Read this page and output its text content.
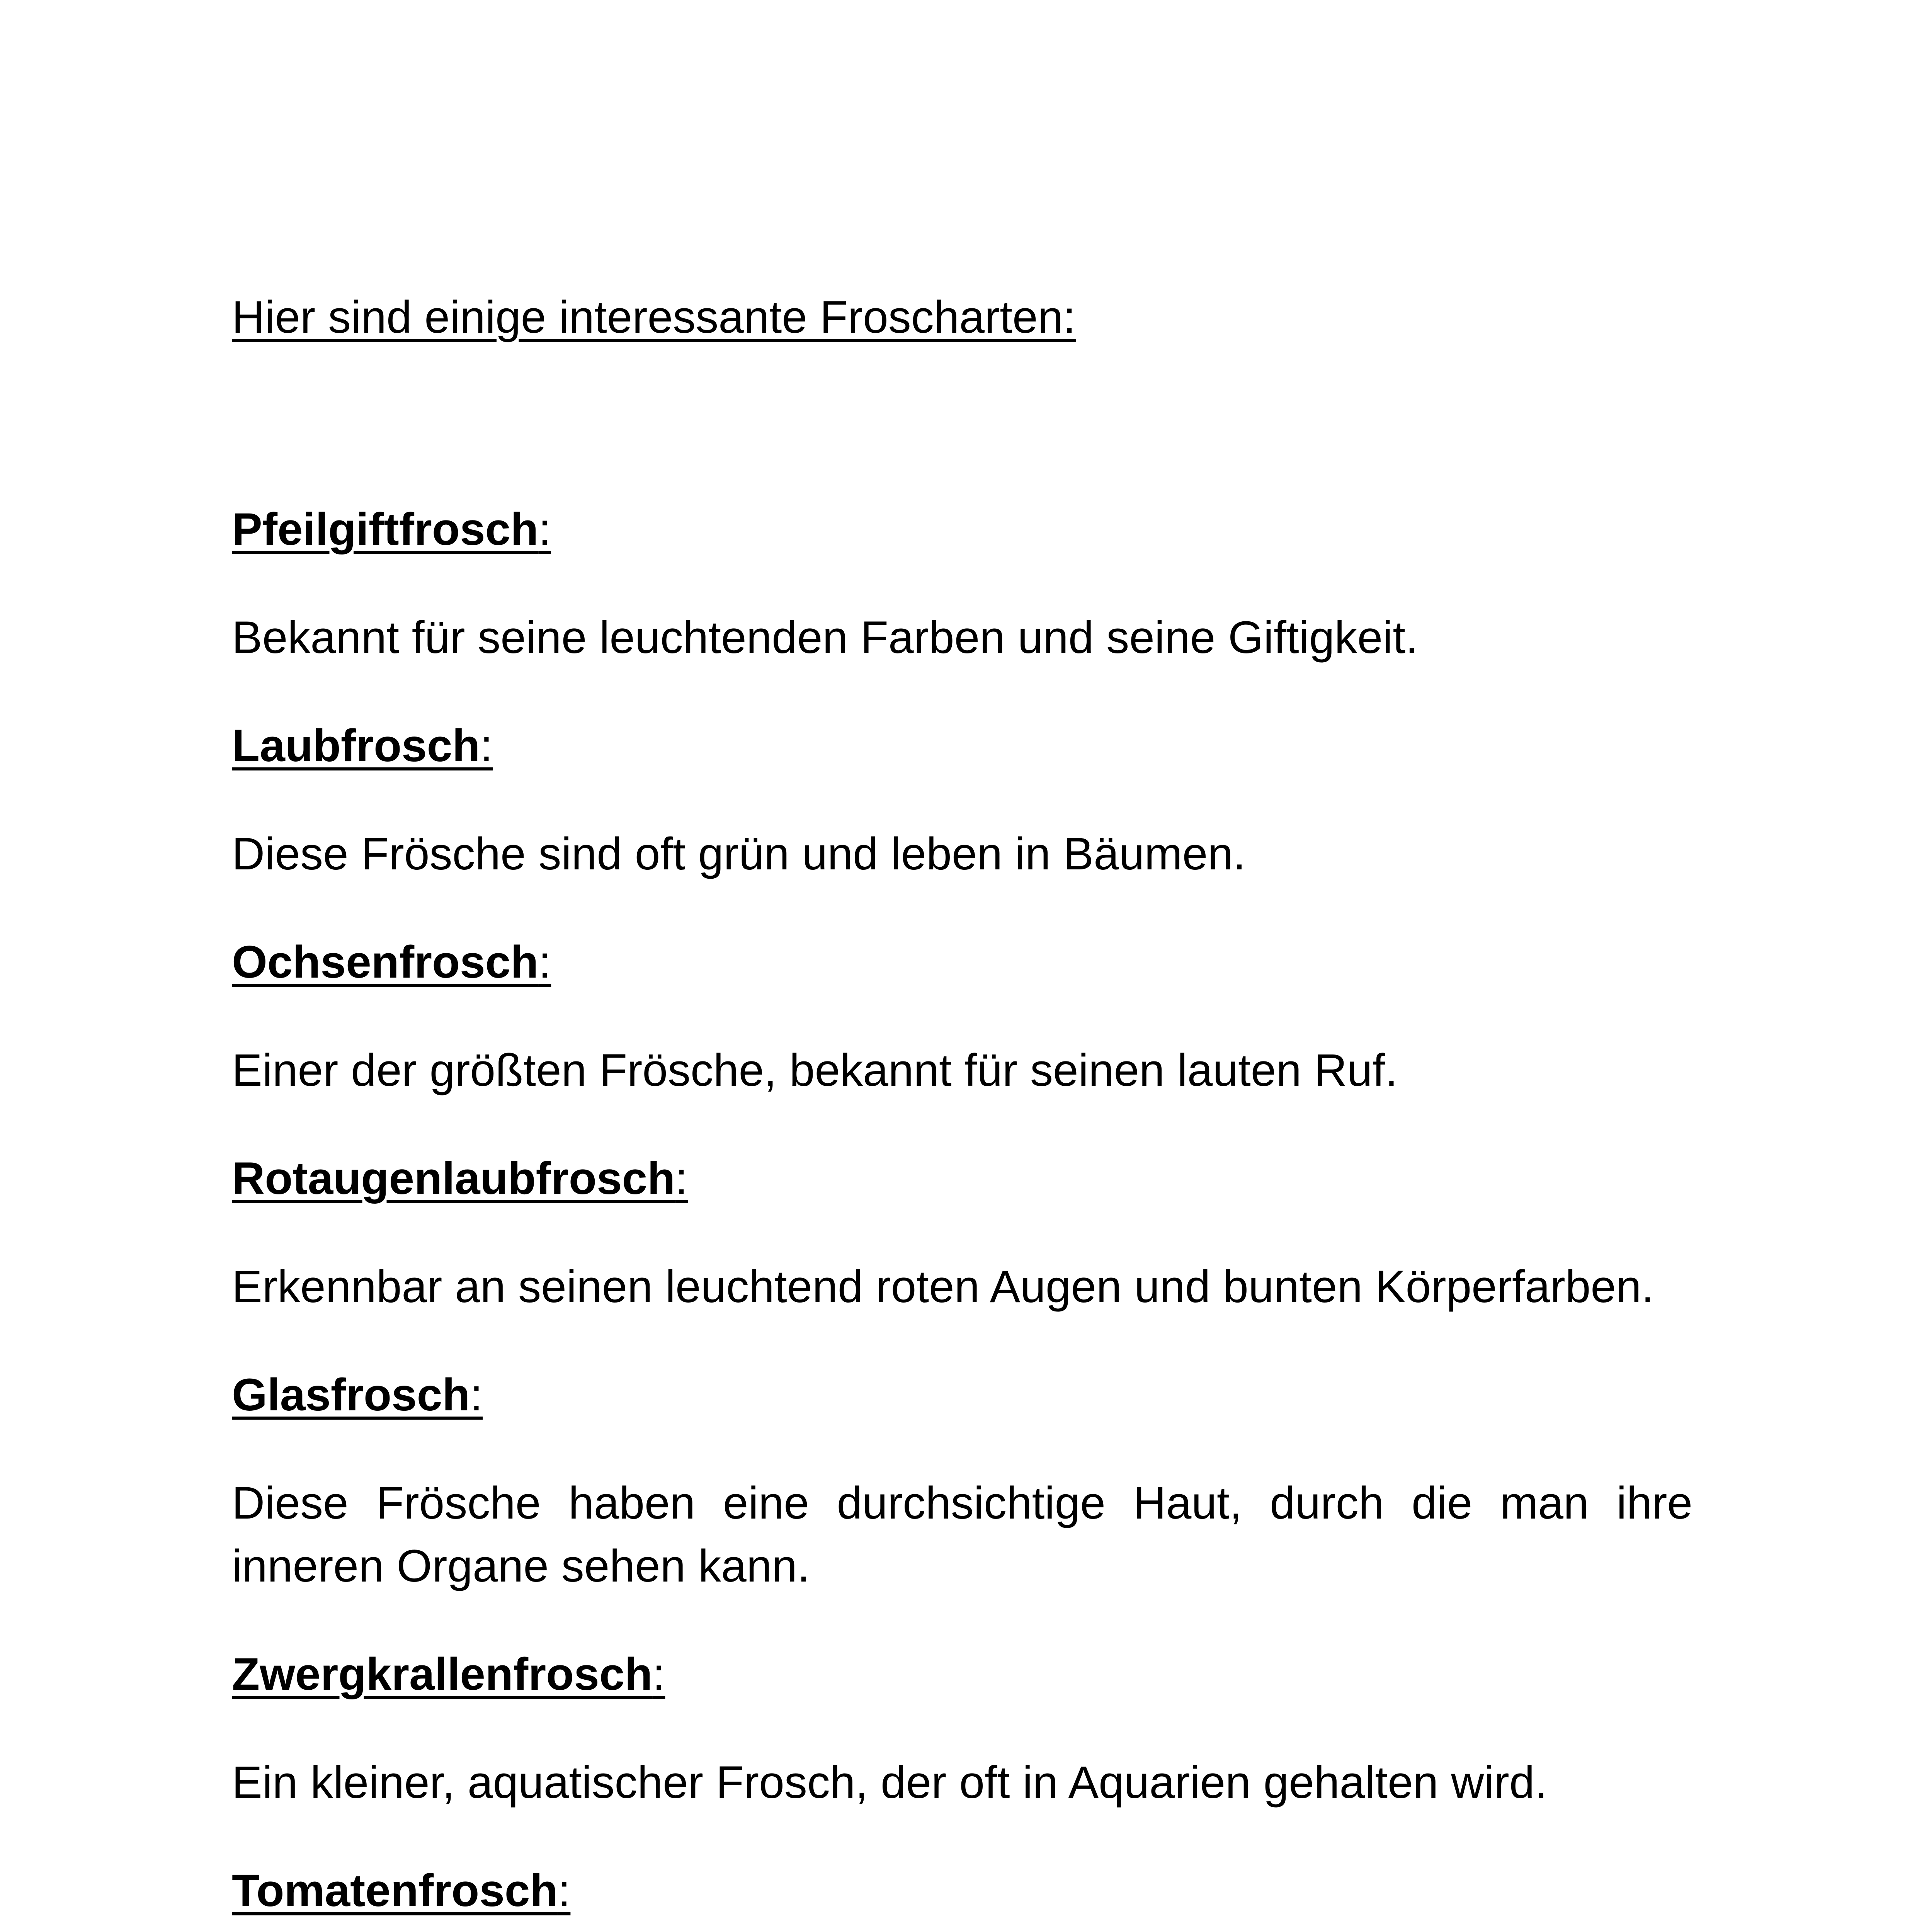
Hier sind einige interessante Froscharten:

Pfeilgiftfrosch:

Bekannt für seine leuchtenden Farben und seine Giftigkeit.

Laubfrosch:

Diese Frösche sind oft grün und leben in Bäumen.

Ochsenfrosch:

Einer der größten Frösche, bekannt für seinen lauten Ruf.

Rotaugenlaubfrosch:

Erkennbar an seinen leuchtend roten Augen und bunten Körperfarben.

Glasfrosch:

Diese Frösche haben eine durchsichtige Haut, durch die man ihre inneren Organe sehen kann.

Zwergkrallenfrosch:

Ein kleiner, aquatischer Frosch, der oft in Aquarien gehalten wird.

Tomatenfrosch:
